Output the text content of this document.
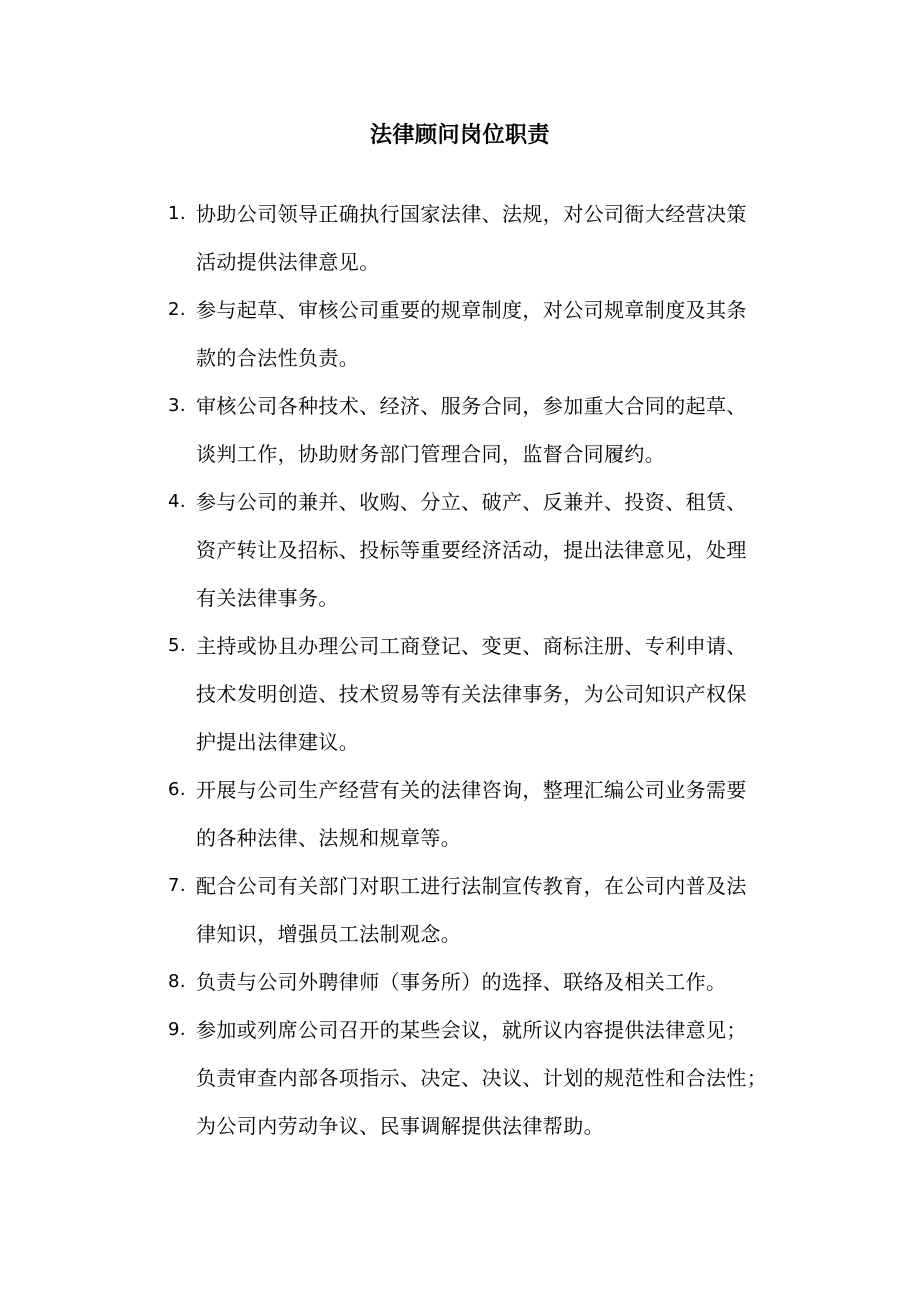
法律顾问岗位职责
1. 协助公司领导正确执行国家法律、法规，对公司衙大经营决策
活动提供法律意见。
2. 参与起草、审核公司重要的规章制度，对公司规章制度及其条
款的合法性负责。
3. 审核公司各种技术、经济、服务合同，参加重大合同的起草、
谈判工作，协助财务部门管理合同，监督合同履约。
4. 参与公司的兼并、收购、分立、破产、反兼并、投资、租赁、
资产转让及招标、投标等重要经济活动，提出法律意见，处理
有关法律事务。
5. 主持或协且办理公司工商登记、变更、商标注册、专利申请、
技术发明创造、技术贸易等有关法律事务，为公司知识产权保
护提出法律建议。
6. 开展与公司生产经营有关的法律咨询，整理汇编公司业务需要
的各种法律、法规和规章等。
7. 配合公司有关部门对职工进行法制宣传教育，在公司内普及法
律知识，增强员工法制观念。
8. 负责与公司外聘律师（事务所）的选择、联络及相关工作。
9. 参加或列席公司召开的某些会议，就所议内容提供法律意见；
负责审查内部各项指示、决定、决议、计划的规范性和合法性；
为公司内劳动争议、民事调解提供法律帮助。
